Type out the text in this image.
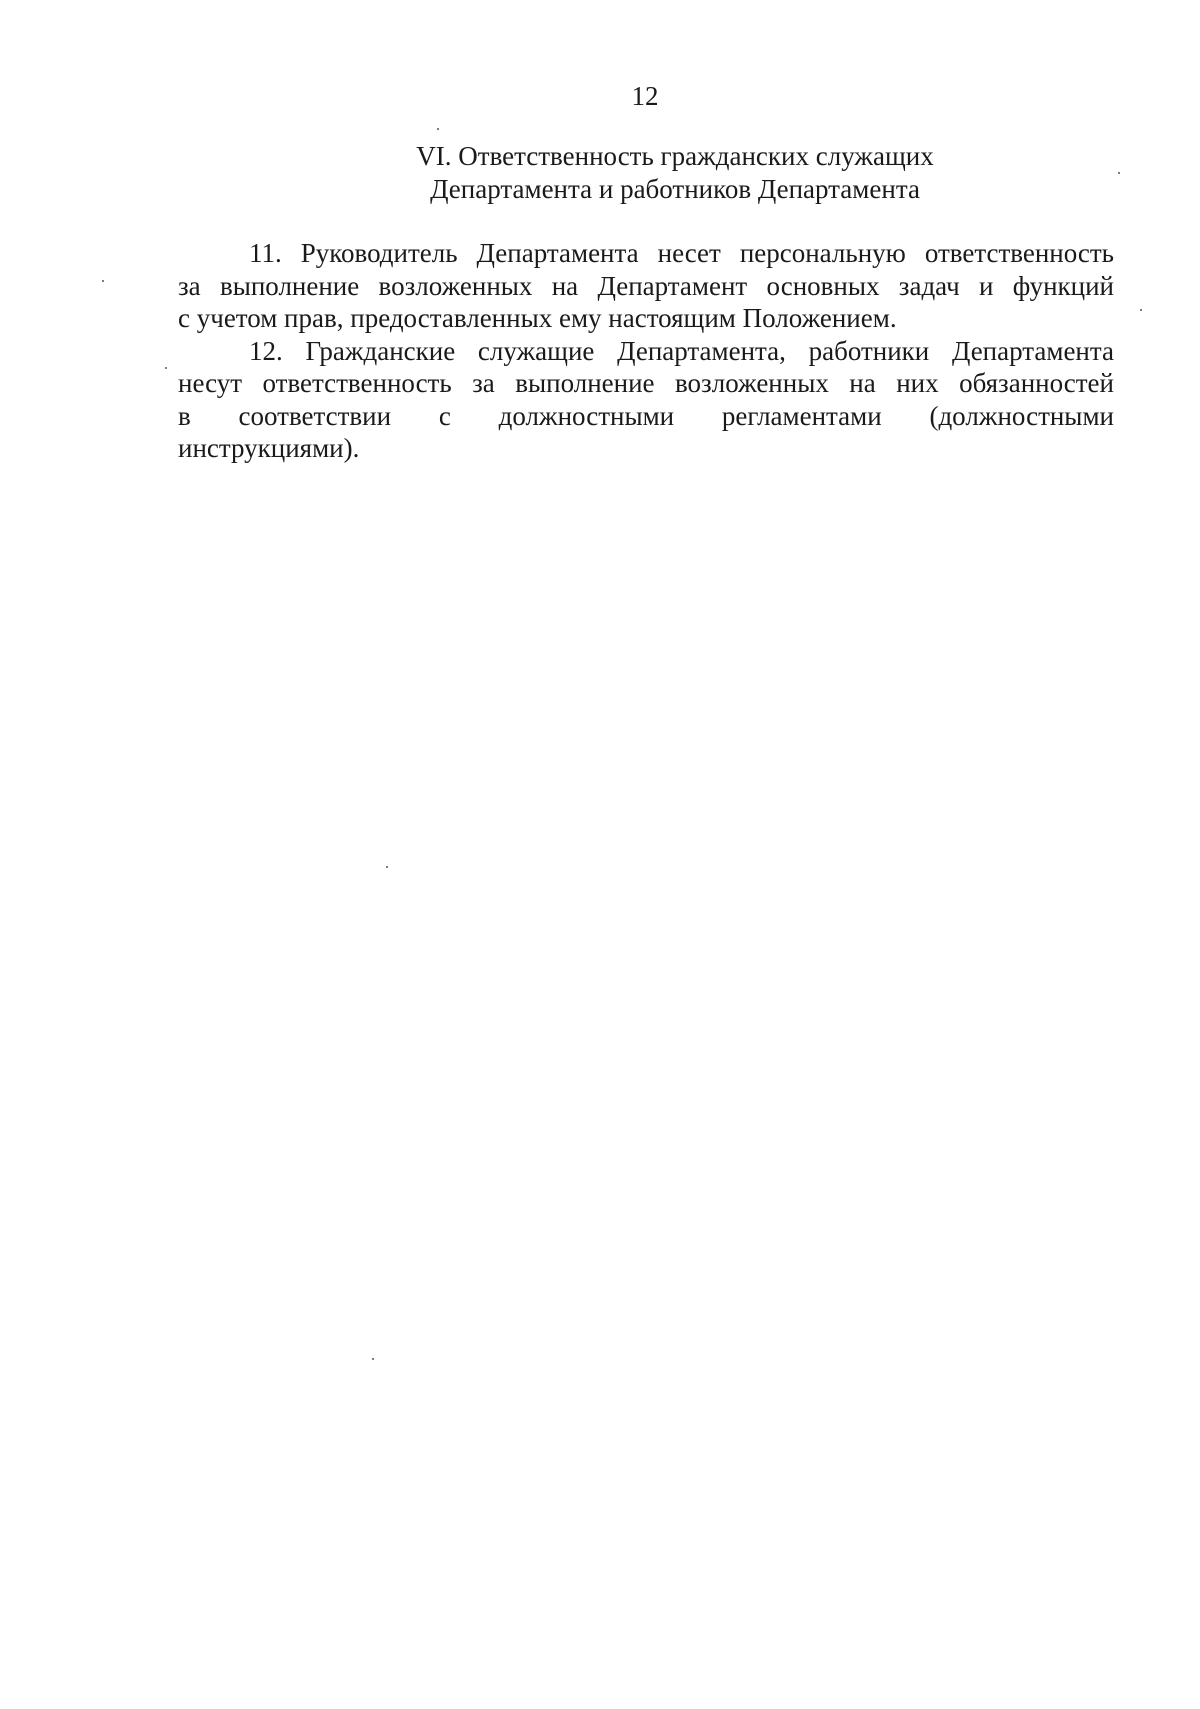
12
VI. Ответственность гражданских служащих
Департамента и работников Департамента

11. Руководитель Департамента несет персональную ответственность
за выполнение возложенных на Департамент основных задач и функций
с учетом прав, предоставленных ему настоящим Положением.

12. Гражданские служащие Департамента, работники Департамента
несут ответственность за выполнение возложенных на них обязанностей
в соответствии с должностными регламентами (должностными
инструкциями).
